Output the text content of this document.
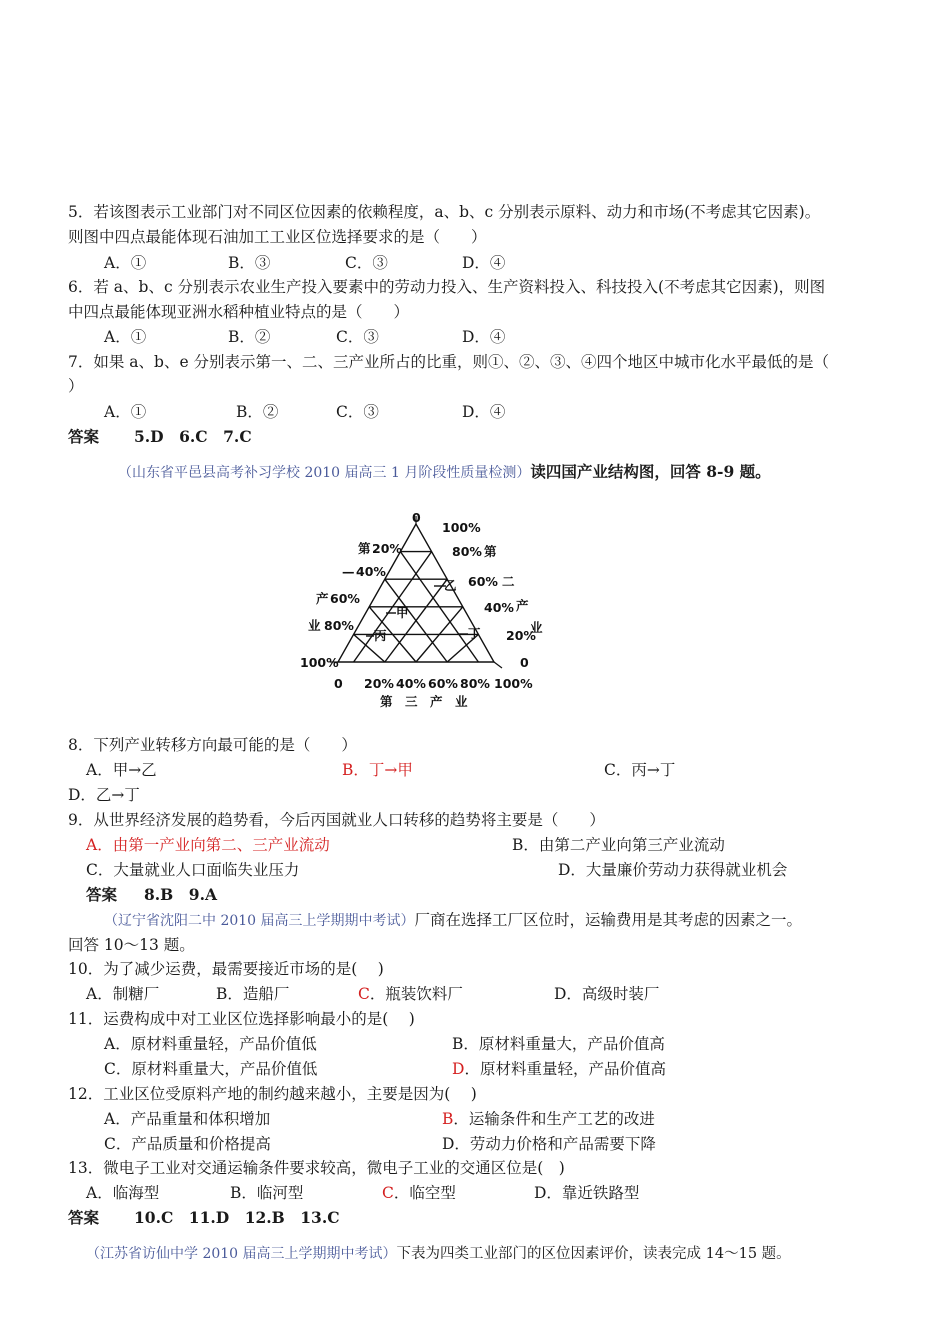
5．若该图表示工业部门对不同区位因素的依赖程度，a、b、c 分别表示原料、动力和市场(不考虑其它因素)。
则图中四点最能体现石油加工工业区位选择要求的是（　　）
A．①	B．③	C．③	D．④
6．若 a、b、c 分别表示农业生产投入要素中的劳动力投入、生产资料投入、科技投入(不考虑其它因素)，则图
中四点最能体现亚洲水稻种植业特点的是（　　）
A．①	B．②	C．③	D．④
7．如果 a、b、e 分别表示第一、二、三产业所占的比重，则①、②、③、④四个地区中城市化水平最低的是（
）
A．①	B．②	C．③	D．④
答案 5.D　6.C　7.C
（山东省平邑县高考补习学校 2010 届高三 1 月阶段性质量检测）读四国产业结构图，回答 8-9 题。
0
100%
第 20%
— 40%
产 60%
业 80%
100%
第
80%
二
60%
产
40%
业
20%
0
0 20% 40% 60% 80% 100%
第　三　产　业
乙
甲
丙	丁
8．下列产业转移方向最可能的是（　　）
A．甲→乙	B．丁→甲	C．丙→丁
D．乙→丁
9．从世界经济发展的趋势看，今后丙国就业人口转移的趋势将主要是（　　）
A．由第一产业向第二、三产业流动	B．由第二产业向第三产业流动
C．大量就业人口面临失业压力	D．大量廉价劳动力获得就业机会
答案 8.B　9.A
（辽宁省沈阳二中 2010 届高三上学期期中考试）厂商在选择工厂区位时，运输费用是其考虑的因素之一。
回答 10～13 题。
10．为了减少运费，最需要接近市场的是(　 )
A．制糖厂	B．造船厂	C．瓶装饮料厂	D．高级时装厂
11．运费构成中对工业区位选择影响最小的是(　 )
A．原材料重量轻，产品价值低	B．原材料重量大，产品价值高
C．原材料重量大，产品价值低	D．原材料重量轻，产品价值高
12．工业区位受原料产地的制约越来越小，主要是因为(　 )
A．产品重量和体积增加	B．运输条件和生产工艺的改进
C．产品质量和价格提高	D．劳动力价格和产品需要下降
13．微电子工业对交通运输条件要求较高，微电子工业的交通区位是(　)
A．临海型	B．临河型	C．临空型	D．靠近铁路型
答案 10.C　11.D　12.B　13.C
（江苏省访仙中学 2010 届高三上学期期中考试）下表为四类工业部门的区位因素评价，读表完成 14～15 题。
